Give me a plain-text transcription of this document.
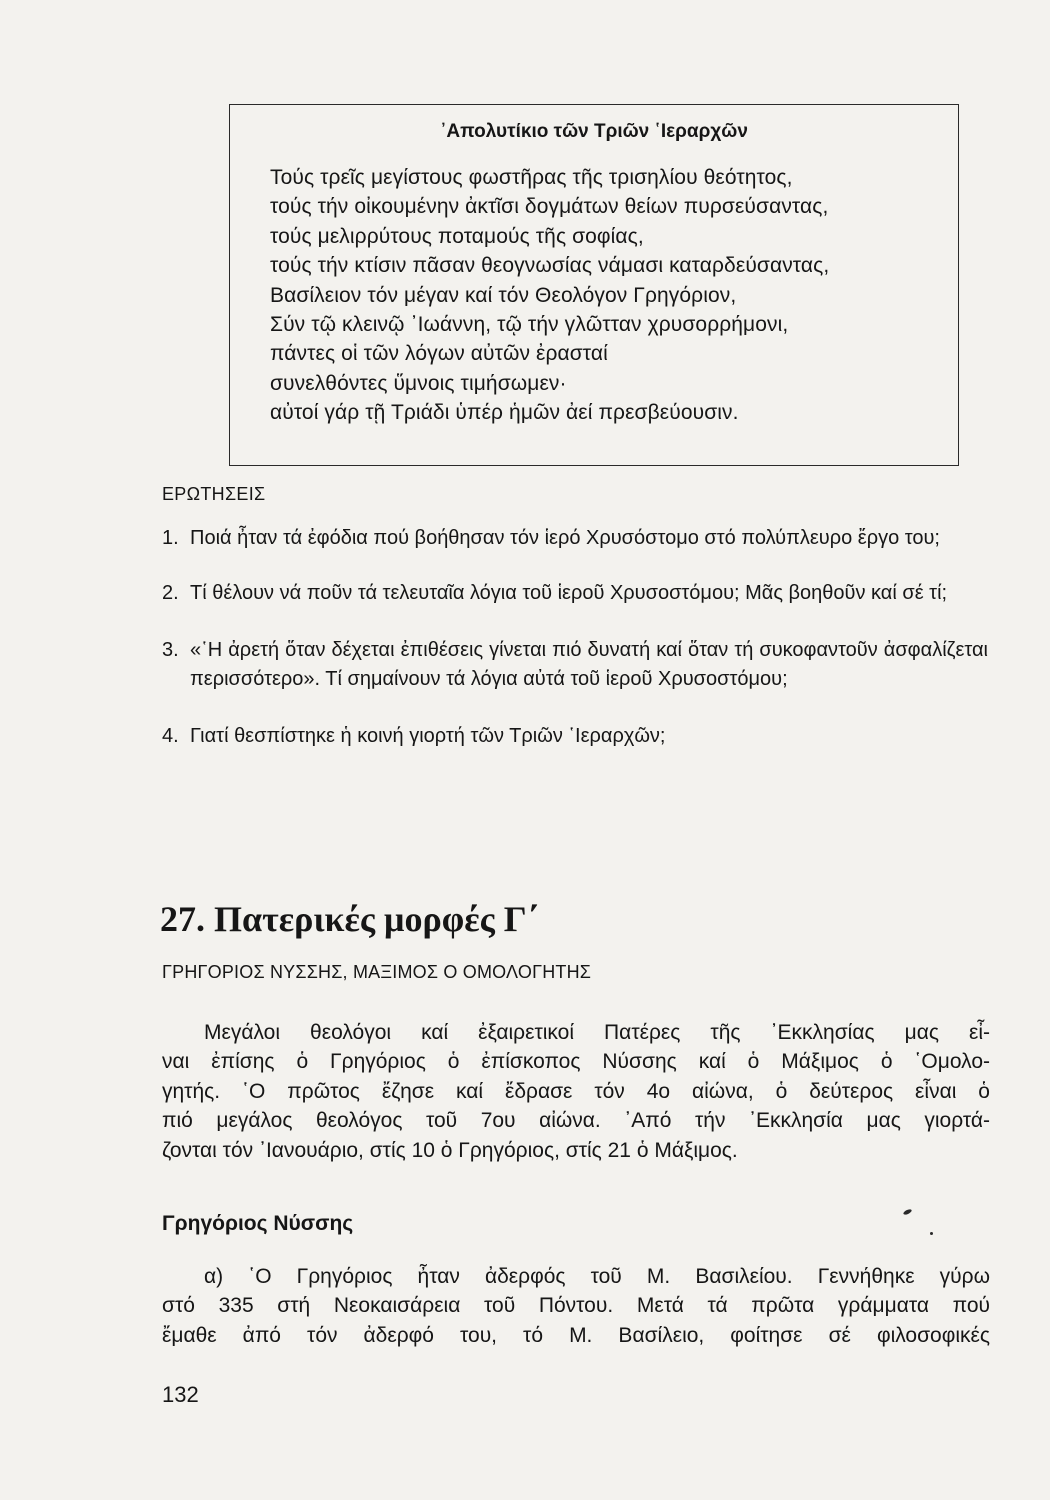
᾿Απολυτίκιο τῶν Τριῶν ῾Ιεραρχῶν
Τούς τρεῖς μεγίστους φωστῆρας τῆς τρισηλίου θεότητος,
τούς τήν οἰκουμένην ἀκτῖσι δογμάτων θείων πυρσεύσαντας,
τούς μελιρρύτους ποταμούς τῆς σοφίας,
τούς τήν κτίσιν πᾶσαν θεογνωσίας νάμασι καταρδεύσαντας,
Βασίλειον τόν μέγαν καί τόν Θεολόγον Γρηγόριον,
Σύν τῷ κλεινῷ ᾿Ιωάννη, τῷ τήν γλῶτταν χρυσορρήμονι,
πάντες οἱ τῶν λόγων αὐτῶν ἐρασταί
συνελθόντες ὕμνοις τιμήσωμεν·
αὐτοί γάρ τῇ Τριάδι ὑπέρ ἡμῶν ἀεί πρεσβεύουσιν.
ΕΡΩΤΗΣΕΙΣ
1. Ποιά ἦταν τά ἐφόδια πού βοήθησαν τόν ἱερό Χρυσόστομο στό πολύπλευρο ἔργο του;
2. Τί θέλουν νά ποῦν τά τελευταῖα λόγια τοῦ ἱεροῦ Χρυσοστόμου; Μᾶς βοηθοῦν καί σέ τί;
3. «῾Η ἀρετή ὅταν δέχεται ἐπιθέσεις γίνεται πιό δυνατή καί ὅταν τή συκοφαντοῦν ἀσφαλίζεται περισσότερο». Τί σημαίνουν τά λόγια αὐτά τοῦ ἱεροῦ Χρυσοστόμου;
4. Γιατί θεσπίστηκε ἡ κοινή γιορτή τῶν Τριῶν ῾Ιεραρχῶν;
27. Πατερικές μορφές Γ΄
ΓΡΗΓΟΡΙΟΣ ΝΥΣΣΗΣ, ΜΑΞΙΜΟΣ Ο ΟΜΟΛΟΓΗΤΗΣ
Μεγάλοι θεολόγοι καί ἐξαιρετικοί Πατέρες τῆς ᾿Εκκλησίας μας εἶ-
ναι ἐπίσης ὁ Γρηγόριος ὁ ἐπίσκοπος Νύσσης καί ὁ Μάξιμος ὁ ῾Ομολο-
γητής. ῾Ο πρῶτος ἔζησε καί ἔδρασε τόν 4ο αἰώνα, ὁ δεύτερος εἶναι ὁ
πιό μεγάλος θεολόγος τοῦ 7ου αἰώνα. ᾿Από τήν ᾿Εκκλησία μας γιορτά-
ζονται τόν ᾿Ιανουάριο, στίς 10 ὁ Γρηγόριος, στίς 21 ὁ Μάξιμος.
Γρηγόριος Νύσσης
α) ῾Ο Γρηγόριος ἦταν ἀδερφός τοῦ Μ. Βασιλείου. Γεννήθηκε γύρω
στό 335 στή Νεοκαισάρεια τοῦ Πόντου. Μετά τά πρῶτα γράμματα πού
ἔμαθε ἀπό τόν ἀδερφό του, τό Μ. Βασίλειο, φοίτησε σέ φιλοσοφικές
132
